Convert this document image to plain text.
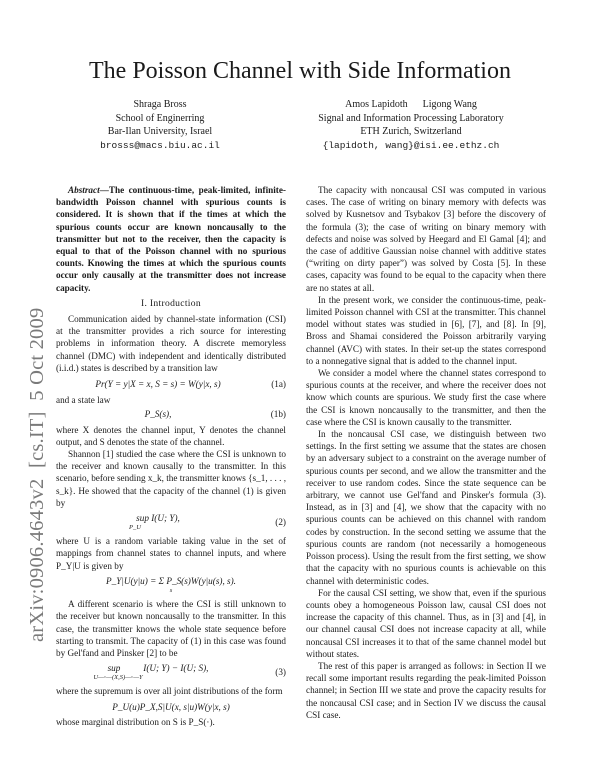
The Poisson Channel with Side Information
Shraga Bross
School of Enginerring
Bar-Ilan University, Israel
brosss@macs.biu.ac.il
Amos Lapidoth      Ligong Wang
Signal and Information Processing Laboratory
ETH Zurich, Switzerland
{lapidoth, wang}@isi.ee.ethz.ch
arXiv:0906.4643v2  [cs.IT]  5 Oct 2009

Abstract—The continuous-time, peak-limited, infinite-bandwidth Poisson channel with spurious counts is considered. It is shown that if the times at which the spurious counts occur are known noncausally to the transmitter but not to the receiver, then the capacity is equal to that of the Poisson channel with no spurious counts. Knowing the times at which the spurious counts occur only causally at the transmitter does not increase capacity.

I. Introduction

Communication aided by channel-state information (CSI) at the transmitter provides a rich source for interesting problems in information theory. A discrete memoryless channel (DMC) with independent and identically distributed (i.i.d.) states is described by a transition law

Pr(Y = y|X = x, S = s) = W(y|x, s)	(1a)

and a state law

P_S(s),	(1b)

where X denotes the channel input, Y denotes the channel output, and S denotes the state of the channel.

Shannon [1] studied the case where the CSI is unknown to the receiver and known causally to the transmitter. In this scenario, before sending x_k, the transmitter knows {s_1, . . . , s_k}. He showed that the capacity of the channel (1) is given by

sup I(U; Y),
P_U
(2)

where U is a random variable taking value in the set of mappings from channel states to channel inputs, and where P_Y|U is given by

P_Y|U(y|u) = Σ P_S(s)W(y|u(s), s).
s

A different scenario is where the CSI is still unknown to the receiver but known noncausally to the transmitter. In this case, the transmitter knows the whole state sequence before starting to transmit. The capacity of (1) in this case was found by Gel'fand and Pinsker [2] to be

sup          I(U; Y) − I(U; S),
U—◦—(X,S)—◦—Y
(3)

where the supremum is over all joint distributions of the form

P_U(u)P_X,S|U(x, s|u)W(y|x, s)

whose marginal distribution on S is P_S(·).

The capacity with noncausal CSI was computed in various cases. The case of writing on binary memory with defects was solved by Kusnetsov and Tsybakov [3] before the discovery of the formula (3); the case of writing on binary memory with defects and noise was solved by Heegard and El Gamal [4]; and the case of additive Gaussian noise channel with additive states (“writing on dirty paper”) was solved by Costa [5]. In these cases, capacity was found to be equal to the capacity when there are no states at all.

In the present work, we consider the continuous-time, peak-limited Poisson channel with CSI at the transmitter. This channel model without states was studied in [6], [7], and [8]. In [9], Bross and Shamai considered the Poisson arbitrarily varying channel (AVC) with states. In their set-up the states correspond to a nonnegative signal that is added to the channel input.

We consider a model where the channel states correspond to spurious counts at the receiver, and where the receiver does not know which counts are spurious. We study first the case where the CSI is known noncausally to the transmitter, and then the case where the CSI is known causally to the transmitter.

In the noncausal CSI case, we distinguish between two settings. In the first setting we assume that the states are chosen by an adversary subject to a constraint on the average number of spurious counts per second, and we allow the transmitter and the receiver to use random codes. Since the state sequence can be arbitrary, we cannot use Gel'fand and Pinsker's formula (3). Instead, as in [3] and [4], we show that the capacity with no spurious counts can be achieved on this channel with random codes by construction. In the second setting we assume that the spurious counts are random (not necessarily a homogeneous Poisson process). Using the result from the first setting, we show that the capacity with no spurious counts is achievable on this channel with deterministic codes.

For the causal CSI setting, we show that, even if the spurious counts obey a homogeneous Poisson law, causal CSI does not increase the capacity of this channel. Thus, as in [3] and [4], in our channel causal CSI does not increase capacity at all, while noncausal CSI increases it to that of the same channel model but without states.

The rest of this paper is arranged as follows: in Section II we recall some important results regarding the peak-limited Poisson channel; in Section III we state and prove the capacity results for the noncausal CSI case; and in Section IV we discuss the causal CSI case.
